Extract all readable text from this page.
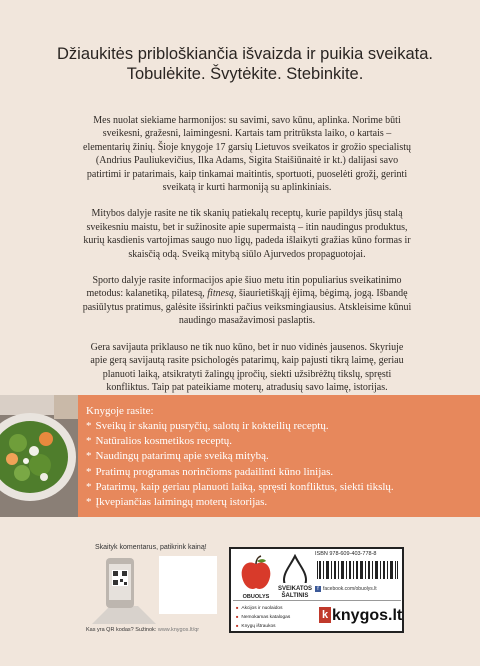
Džiaukitės pribloškiančia išvaizda ir puikia sveikata.
Tobulėkite. Švytėkite. Stebinkite.

Mes nuolat siekiame harmonijos: su savimi, savo kūnu, aplinka. Norime būti sveikesni, gražesni, laimingesni. Kartais tam pritrūksta laiko, o kartais – elementarių žinių. Šioje knygoje 17 garsių Lietuvos sveikatos ir grožio specialistų (Andrius Pauliukevičius, Ilka Adams, Sigita Staišiūnaitė ir kt.) dalijasi savo patirtimi ir patarimais, kaip tinkamai maitintis, sportuoti, puoselėti grožį, gerinti sveikatą ir kurti harmoniją su aplinkiniais.

Mitybos dalyje rasite ne tik skanių patiekalų receptų, kurie papildys jūsų stalą sveikesniu maistu, bet ir sužinosite apie supermaistą – itin naudingus produktus, kurių kasdienis vartojimas saugo nuo ligų, padeda išlaikyti gražias kūno formas ir skaisčią odą. Sveiką mitybą siūlo Ajurvedos propaguotojai.

Sporto dalyje rasite informacijos apie šiuo metu itin populiarius sveikatinimo metodus: kalanetiką, pilatesą, fitnesą, šiaurietiškąjį ėjimą, bėgimą, jogą. Išbandę pasiūlytus pratimus, galėsite išsirinkti pačius veiksmingiausius. Atskleisime kūnui naudingo masažavimosi paslaptis.

Gera savijauta priklauso ne tik nuo kūno, bet ir nuo vidinės jausenos. Skyriuje apie gerą savijautą rasite psichologės patarimų, kaip pajusti tikrą laimę, geriau planuoti laiką, atsikratyti žalingų įpročių, siekti užsibrėžtų tikslų, spręsti konfliktus. Taip pat pateikiame moterų, atradusių savo laimę, istorijas.

Knygoje rasite:
* Sveikų ir skanių pusryčių, salotų ir kokteilių receptų.
* Natūralios kosmetikos receptų.
* Naudingų patarimų apie sveiką mitybą.
* Pratimų programas norinčioms padailinti kūno linijas.
* Patarimų, kaip geriau planuoti laiką, spręsti konfliktus, siekti tikslų.
* Įkvepiančias laimingų moterų istorijas.
Skaityk komentarus, patikrink kainą!
Kas yra QR kodas? Sužinok: www.knygos.lt/qr
ISBN 978-609-403-778-8
OBUOLYS
SVEIKATOS
ŠALTINIS
f facebook.com/obuolys.lt
■ Akcijos ir nuolaidos
■ Nemokamas katalogas
■ Knygų ištraukos
k knygos.lt
